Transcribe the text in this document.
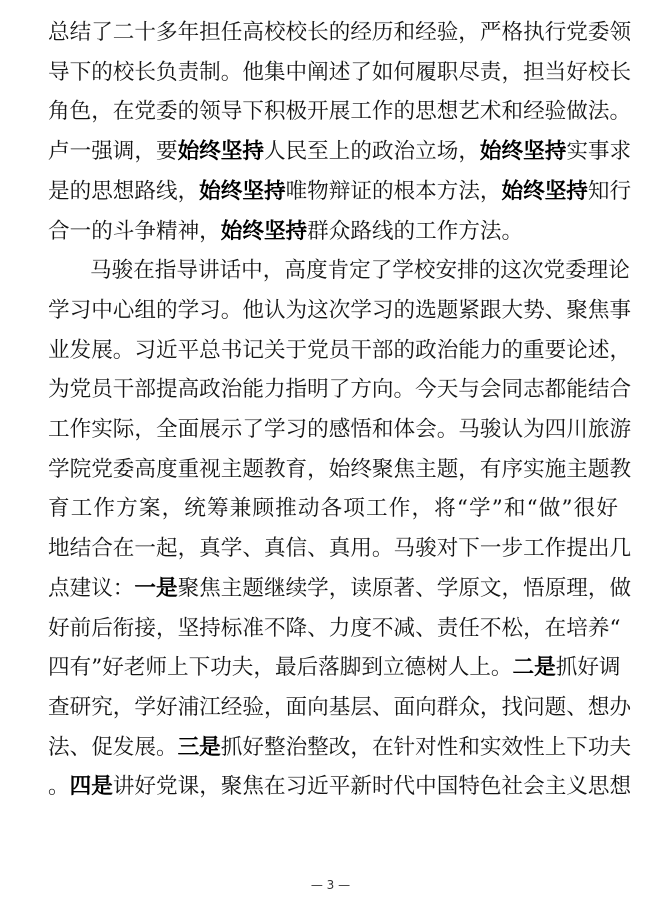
总结了二十多年担任高校校长的经历和经验，严格执行党委领
导下的校长负责制。他集中阐述了如何履职尽责，担当好校长
角色，在党委的领导下积极开展工作的思想艺术和经验做法。
卢一强调，要始终坚持人民至上的政治立场，始终坚持实事求
是的思想路线，始终坚持唯物辩证的根本方法，始终坚持知行
合一的斗争精神，始终坚持群众路线的工作方法。
马骏在指导讲话中，高度肯定了学校安排的这次党委理论
学习中心组的学习。他认为这次学习的选题紧跟大势、聚焦事
业发展。习近平总书记关于党员干部的政治能力的重要论述，
为党员干部提高政治能力指明了方向。今天与会同志都能结合
工作实际，全面展示了学习的感悟和体会。马骏认为四川旅游
学院党委高度重视主题教育，始终聚焦主题，有序实施主题教
育工作方案，统筹兼顾推动各项工作，将“学”和“做”很好
地结合在一起，真学、真信、真用。马骏对下一步工作提出几
点建议：一是聚焦主题继续学，读原著、学原文，悟原理，做
好前后衔接，坚持标准不降、力度不减、责任不松，在培养“
四有”好老师上下功夫，最后落脚到立德树人上。二是抓好调
查研究，学好浦江经验，面向基层、面向群众，找问题、想办
法、促发展。三是抓好整治整改，在针对性和实效性上下功夫
。四是讲好党课，聚焦在习近平新时代中国特色社会主义思想
— 3 —
